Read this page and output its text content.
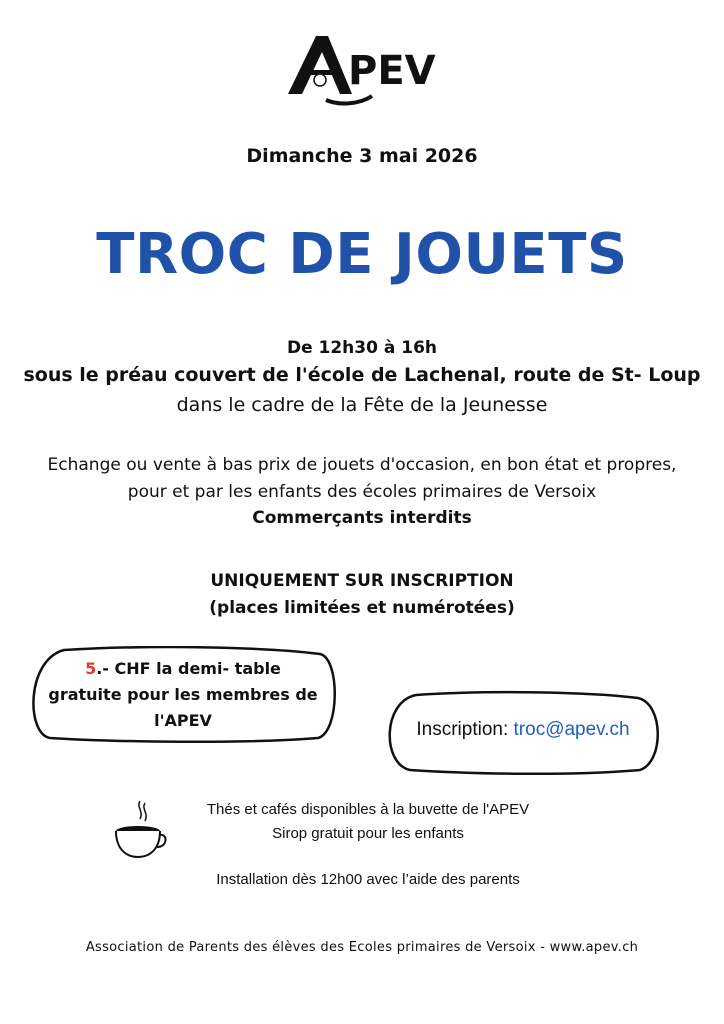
PEV
Dimanche 3 mai 2026
TROC DE JOUETS
De 12h30 à 16h
sous le préau couvert de l'école de Lachenal, route de St- Loup
dans le cadre de la Fête de la Jeunesse
Echange ou vente à bas prix de jouets d'occasion, en bon état et propres,
pour et par les enfants des écoles primaires de Versoix
Commerçants interdits
UNIQUEMENT SUR INSCRIPTION
(places limitées et numérotées)
5.- CHF la demi- table
gratuite pour les membres de
l'APEV	Inscription: troc@apev.ch
Thés et cafés disponibles à la buvette de l'APEV
Sirop gratuit pour les enfants
Installation dès 12h00 avec l’aide des parents
Association de Parents des élèves des Ecoles primaires de Versoix - www.apev.ch
